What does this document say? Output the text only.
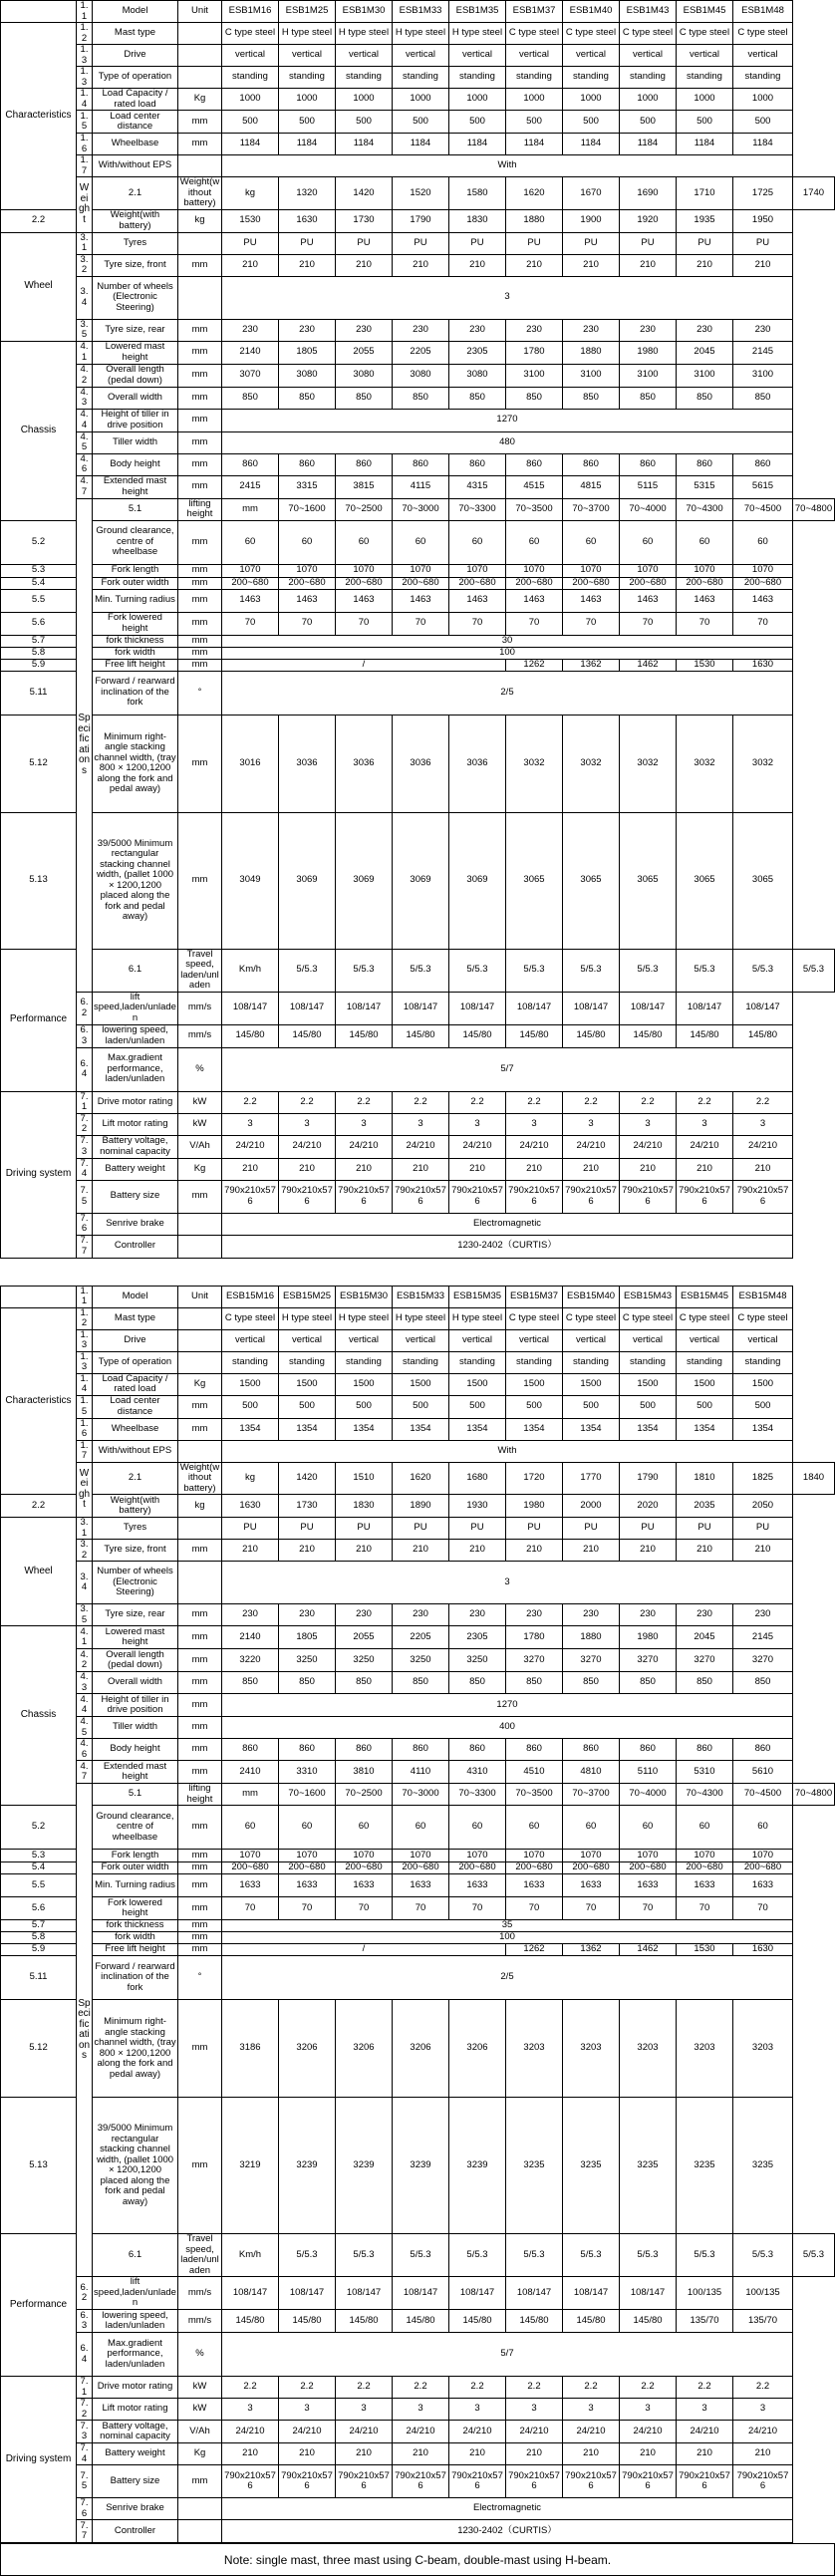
	1.1	Model	Unit	ESB1M16	ESB1M25	ESB1M30	ESB1M33	ESB1M35	ESB1M37	ESB1M40	ESB1M43	ESB1M45	ESB1M48	
Characteristics	1.2	Mast type		C type steel	H type steel	H type steel	H type steel	H type steel	C type steel	C type steel	C type steel	C type steel	C type steel	
	1.3	Drive		vertical	vertical	vertical	vertical	vertical	vertical	vertical	vertical	vertical	vertical	
	1.3	Type of operation		standing	standing	standing	standing	standing	standing	standing	standing	standing	standing	
	1.4	Load Capacity / rated load	Kg	1000	1000	1000	1000	1000	1000	1000	1000	1000	1000	
	1.5	Load center distance	mm	500	500	500	500	500	500	500	500	500	500	
	1.6	Wheelbase	mm	1184	1184	1184	1184	1184	1184	1184	1184	1184	1184	
	1.7	With/without EPS		With										
	Weight	2.1	Weight(without battery)	kg	1320	1420	1520	1580	1620	1670	1690	1710	1725	1740
2.2		Weight(with battery)	kg	1530	1630	1730	1790	1830	1880	1900	1920	1935	1950	
Wheel	3.1	Tyres		PU	PU	PU	PU	PU	PU	PU	PU	PU	PU	
	3.2	Tyre size, front	mm	210	210	210	210	210	210	210	210	210	210	
	3.4	Number of wheels (Electronic Steering)		3										
	3.5	Tyre size, rear	mm	230	230	230	230	230	230	230	230	230	230	
Chassis	4.1	Lowered mast height	mm	2140	1805	2055	2205	2305	1780	1880	1980	2045	2145	
	4.2	Overall length (pedal down)	mm	3070	3080	3080	3080	3080	3100	3100	3100	3100	3100	
	4.3	Overall width	mm	850	850	850	850	850	850	850	850	850	850	
	4.4	Height of tiller in drive position	mm	1270										
	4.5	Tiller width	mm	480										
	4.6	Body height	mm	860	860	860	860	860	860	860	860	860	860	
	4.7	Extended mast height	mm	2415	3315	3815	4115	4315	4515	4815	5115	5315	5615	
	Specifications	5.1	lifting height	mm	70~1600	70~2500	70~3000	70~3300	70~3500	70~3700	70~4000	70~4300	70~4500	70~4800
5.2		Ground clearance, centre of wheelbase	mm	60	60	60	60	60	60	60	60	60	60	
5.3		Fork length	mm	1070	1070	1070	1070	1070	1070	1070	1070	1070	1070	
5.4		Fork outer width	mm	200~680	200~680	200~680	200~680	200~680	200~680	200~680	200~680	200~680	200~680	
5.5		Min. Turning radius	mm	1463	1463	1463	1463	1463	1463	1463	1463	1463	1463	
5.6		Fork lowered height	mm	70	70	70	70	70	70	70	70	70	70	
5.7		fork thickness	mm	30										
5.8		fork width	mm	100										
5.9		Free lift height	mm	/					1262	1362	1462	1530	1630	
5.11		Forward / rearward inclination of the fork	°	2/5										
5.12		Minimum right-angle stacking channel width, (tray 800 × 1200,1200 along the fork and pedal away)	mm	3016	3036	3036	3036	3036	3032	3032	3032	3032	3032	
5.13		39/5000 Minimum rectangular stacking channel width, (pallet 1000 × 1200,1200 placed along the fork and pedal away)	mm	3049	3069	3069	3069	3069	3065	3065	3065	3065	3065	
Performance		6.1	Travel speed, laden/unladen	Km/h	5/5.3	5/5.3	5/5.3	5/5.3	5/5.3	5/5.3	5/5.3	5/5.3	5/5.3	5/5.3
	6.2	lift speed,laden/unladen	mm/s	108/147	108/147	108/147	108/147	108/147	108/147	108/147	108/147	108/147	108/147	
	6.3	lowering speed, laden/unladen	mm/s	145/80	145/80	145/80	145/80	145/80	145/80	145/80	145/80	145/80	145/80	
	6.4	Max.gradient performance, laden/unladen	%	5/7										
Driving system	7.1	Drive motor rating	kW	2.2	2.2	2.2	2.2	2.2	2.2	2.2	2.2	2.2	2.2	
	7.2	Lift motor rating	kW	3	3	3	3	3	3	3	3	3	3	
	7.3	Battery voltage, nominal capacity	V/Ah	24/210	24/210	24/210	24/210	24/210	24/210	24/210	24/210	24/210	24/210	
	7.4	Battery weight	Kg	210	210	210	210	210	210	210	210	210	210	
	7.5	Battery size	mm	790x210x576	790x210x576	790x210x576	790x210x576	790x210x576	790x210x576	790x210x576	790x210x576	790x210x576	790x210x576	
	7.6	Senrive brake		Electromagnetic										
	7.7	Controller		1230-2402（CURTIS）										
	1.1	Model	Unit	ESB15M16	ESB15M25	ESB15M30	ESB15M33	ESB15M35	ESB15M37	ESB15M40	ESB15M43	ESB15M45	ESB15M48	
Characteristics	1.2	Mast type		C type steel	H type steel	H type steel	H type steel	H type steel	C type steel	C type steel	C type steel	C type steel	C type steel	
	1.3	Drive		vertical	vertical	vertical	vertical	vertical	vertical	vertical	vertical	vertical	vertical	
	1.3	Type of operation		standing	standing	standing	standing	standing	standing	standing	standing	standing	standing	
	1.4	Load Capacity / rated load	Kg	1500	1500	1500	1500	1500	1500	1500	1500	1500	1500	
	1.5	Load center distance	mm	500	500	500	500	500	500	500	500	500	500	
	1.6	Wheelbase	mm	1354	1354	1354	1354	1354	1354	1354	1354	1354	1354	
	1.7	With/without EPS		With										
	Weight	2.1	Weight(without battery)	kg	1420	1510	1620	1680	1720	1770	1790	1810	1825	1840
2.2		Weight(with battery)	kg	1630	1730	1830	1890	1930	1980	2000	2020	2035	2050	
Wheel	3.1	Tyres		PU	PU	PU	PU	PU	PU	PU	PU	PU	PU	
	3.2	Tyre size, front	mm	210	210	210	210	210	210	210	210	210	210	
	3.4	Number of wheels (Electronic Steering)		3										
	3.5	Tyre size, rear	mm	230	230	230	230	230	230	230	230	230	230	
Chassis	4.1	Lowered mast height	mm	2140	1805	2055	2205	2305	1780	1880	1980	2045	2145	
	4.2	Overall length (pedal down)	mm	3220	3250	3250	3250	3250	3270	3270	3270	3270	3270	
	4.3	Overall width	mm	850	850	850	850	850	850	850	850	850	850	
	4.4	Height of tiller in drive position	mm	1270										
	4.5	Tiller width	mm	400										
	4.6	Body height	mm	860	860	860	860	860	860	860	860	860	860	
	4.7	Extended mast height	mm	2410	3310	3810	4110	4310	4510	4810	5110	5310	5610	
	Specifications	5.1	lifting height	mm	70~1600	70~2500	70~3000	70~3300	70~3500	70~3700	70~4000	70~4300	70~4500	70~4800
5.2		Ground clearance, centre of wheelbase	mm	60	60	60	60	60	60	60	60	60	60	
5.3		Fork length	mm	1070	1070	1070	1070	1070	1070	1070	1070	1070	1070	
5.4		Fork outer width	mm	200~680	200~680	200~680	200~680	200~680	200~680	200~680	200~680	200~680	200~680	
5.5		Min. Turning radius	mm	1633	1633	1633	1633	1633	1633	1633	1633	1633	1633	
5.6		Fork lowered height	mm	70	70	70	70	70	70	70	70	70	70	
5.7		fork thickness	mm	35										
5.8		fork width	mm	100										
5.9		Free lift height	mm	/					1262	1362	1462	1530	1630	
5.11		Forward / rearward inclination of the fork	°	2/5										
5.12		Minimum right-angle stacking channel width, (tray 800 × 1200,1200 along the fork and pedal away)	mm	3186	3206	3206	3206	3206	3203	3203	3203	3203	3203	
5.13		39/5000 Minimum rectangular stacking channel width, (pallet 1000 × 1200,1200 placed along the fork and pedal away)	mm	3219	3239	3239	3239	3239	3235	3235	3235	3235	3235	
Performance		6.1	Travel speed, laden/unladen	Km/h	5/5.3	5/5.3	5/5.3	5/5.3	5/5.3	5/5.3	5/5.3	5/5.3	5/5.3	5/5.3
	6.2	lift speed,laden/unladen	mm/s	108/147	108/147	108/147	108/147	108/147	108/147	108/147	108/147	100/135	100/135	
	6.3	lowering speed, laden/unladen	mm/s	145/80	145/80	145/80	145/80	145/80	145/80	145/80	145/80	135/70	135/70	
	6.4	Max.gradient performance, laden/unladen	%	5/7										
Driving system	7.1	Drive motor rating	kW	2.2	2.2	2.2	2.2	2.2	2.2	2.2	2.2	2.2	2.2	
	7.2	Lift motor rating	kW	3	3	3	3	3	3	3	3	3	3	
	7.3	Battery voltage, nominal capacity	V/Ah	24/210	24/210	24/210	24/210	24/210	24/210	24/210	24/210	24/210	24/210	
	7.4	Battery weight	Kg	210	210	210	210	210	210	210	210	210	210	
	7.5	Battery size	mm	790x210x576	790x210x576	790x210x576	790x210x576	790x210x576	790x210x576	790x210x576	790x210x576	790x210x576	790x210x576	
	7.6	Senrive brake		Electromagnetic										
	7.7	Controller		1230-2402（CURTIS）										
Note: single mast, three mast using C-beam, double-mast using H-beam.
